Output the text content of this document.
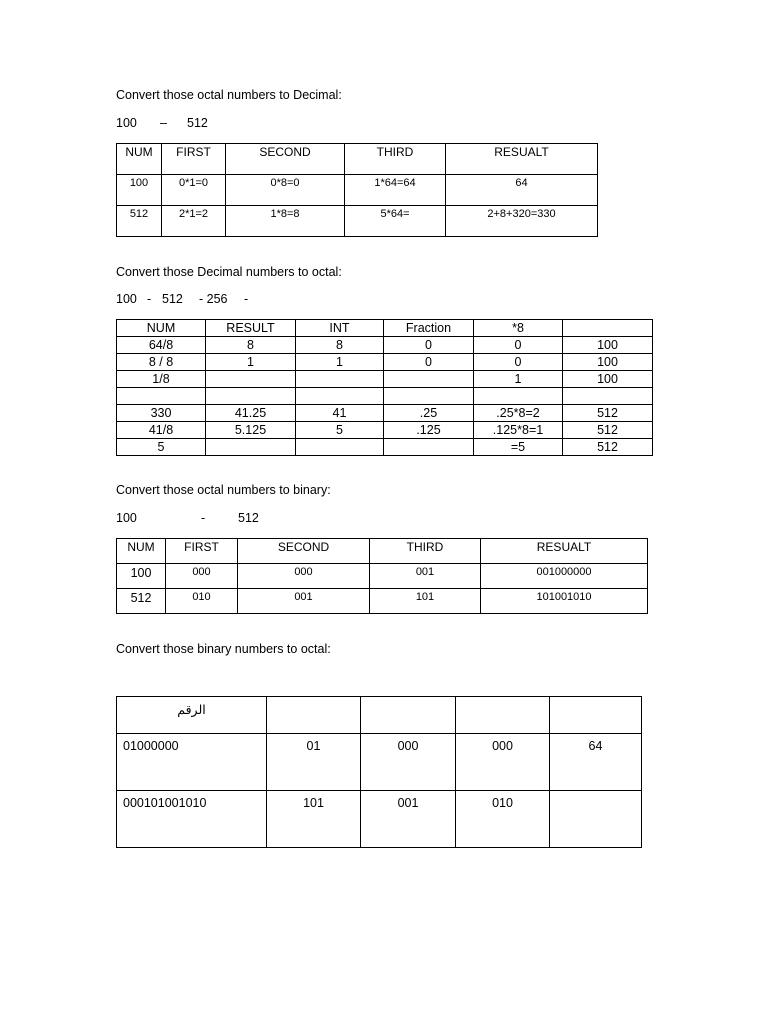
Convert those octal numbers to Decimal:
100 – 512
NUM	FIRST	SECOND	THIRD	RESUALT
100	0*1=0	0*8=0	1*64=64	64
512	2*1=2	1*8=8	5*64=	2+8+320=330
Convert those Decimal numbers to octal:
100 - 512 - 256 -
NUM	RESULT	INT	Fraction	*8	
64/8	8	8	0	0	100
8 / 8	1	1	0	0	100
1/8				1	100

330	41.25	41	.25	.25*8=2	512
41/8	5.125	5	.125	.125*8=1	512
5				=5	512
Convert those octal numbers to binary:
100	-	512
NUM	FIRST	SECOND	THIRD	RESUALT
100	000	000	001	001000000
512	010	001	101	101001010
Convert those binary numbers to octal:
الرقم				
01000000	01	000	000	64
000101001010	101	001	010	
